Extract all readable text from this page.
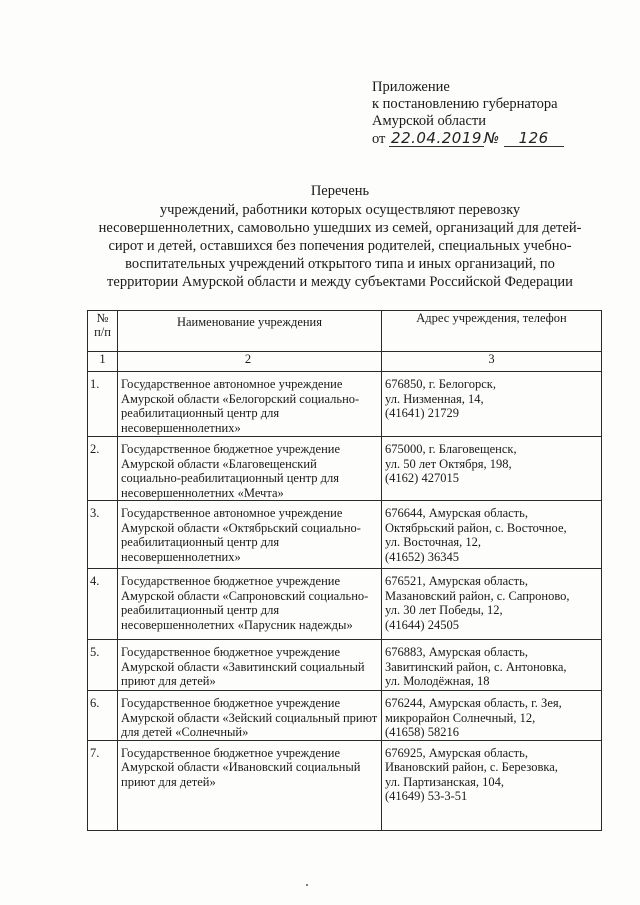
Приложение
к постановлению губернатора
Амурской области
от 22.04.2019 № 126
Перечень
учреждений, работники которых осуществляют перевозку
несовершеннолетних, самовольно ушедших из семей, организаций для детей-
сирот и детей, оставшихся без попечения родителей, специальных учебно-
воспитательных учреждений открытого типа и иных организаций, по
территории Амурской области и между субъектами Российской Федерации
№ п/п	Наименование учреждения	Адрес учреждения, телефон
1	2	3
1.	Государственное автономное учреждение
Амурской области «Белогорский социально-
реабилитационный центр для
несовершеннолетних»	676850, г. Белогорск,
ул. Низменная, 14,
(41641) 21729

2.	Государственное бюджетное учреждение
Амурской области «Благовещенский
социально-реабилитационный центр для
несовершеннолетних «Мечта»	675000, г. Благовещенск,
ул. 50 лет Октября, 198,
(4162) 427015

3.	Государственное автономное учреждение
Амурской области «Октябрьский социально-
реабилитационный центр для
несовершеннолетних»	676644, Амурская область,
Октябрьский район, с. Восточное,
ул. Восточная, 12,
(41652) 36345

4.	Государственное бюджетное учреждение
Амурской области «Сапроновский социально-
реабилитационный центр для
несовершеннолетних «Парусник надежды»	676521, Амурская область,
Мазановский район, с. Сапроново,
ул. 30 лет Победы, 12,
(41644) 24505

5.	Государственное бюджетное учреждение
Амурской области «Завитинский социальный
приют для детей»	676883, Амурская область,
Завитинский район, с. Антоновка,
ул. Молодёжная, 18

6.	Государственное бюджетное учреждение
Амурской области «Зейский социальный приют
для детей «Солнечный»	676244, Амурская область, г. Зея,
микрорайон Солнечный, 12,
(41658) 58216

7.	Государственное бюджетное учреждение
Амурской области «Ивановский социальный
приют для детей»	676925, Амурская область,
Ивановский район, с. Березовка,
ул. Партизанская, 104,
(41649) 53-3-51
